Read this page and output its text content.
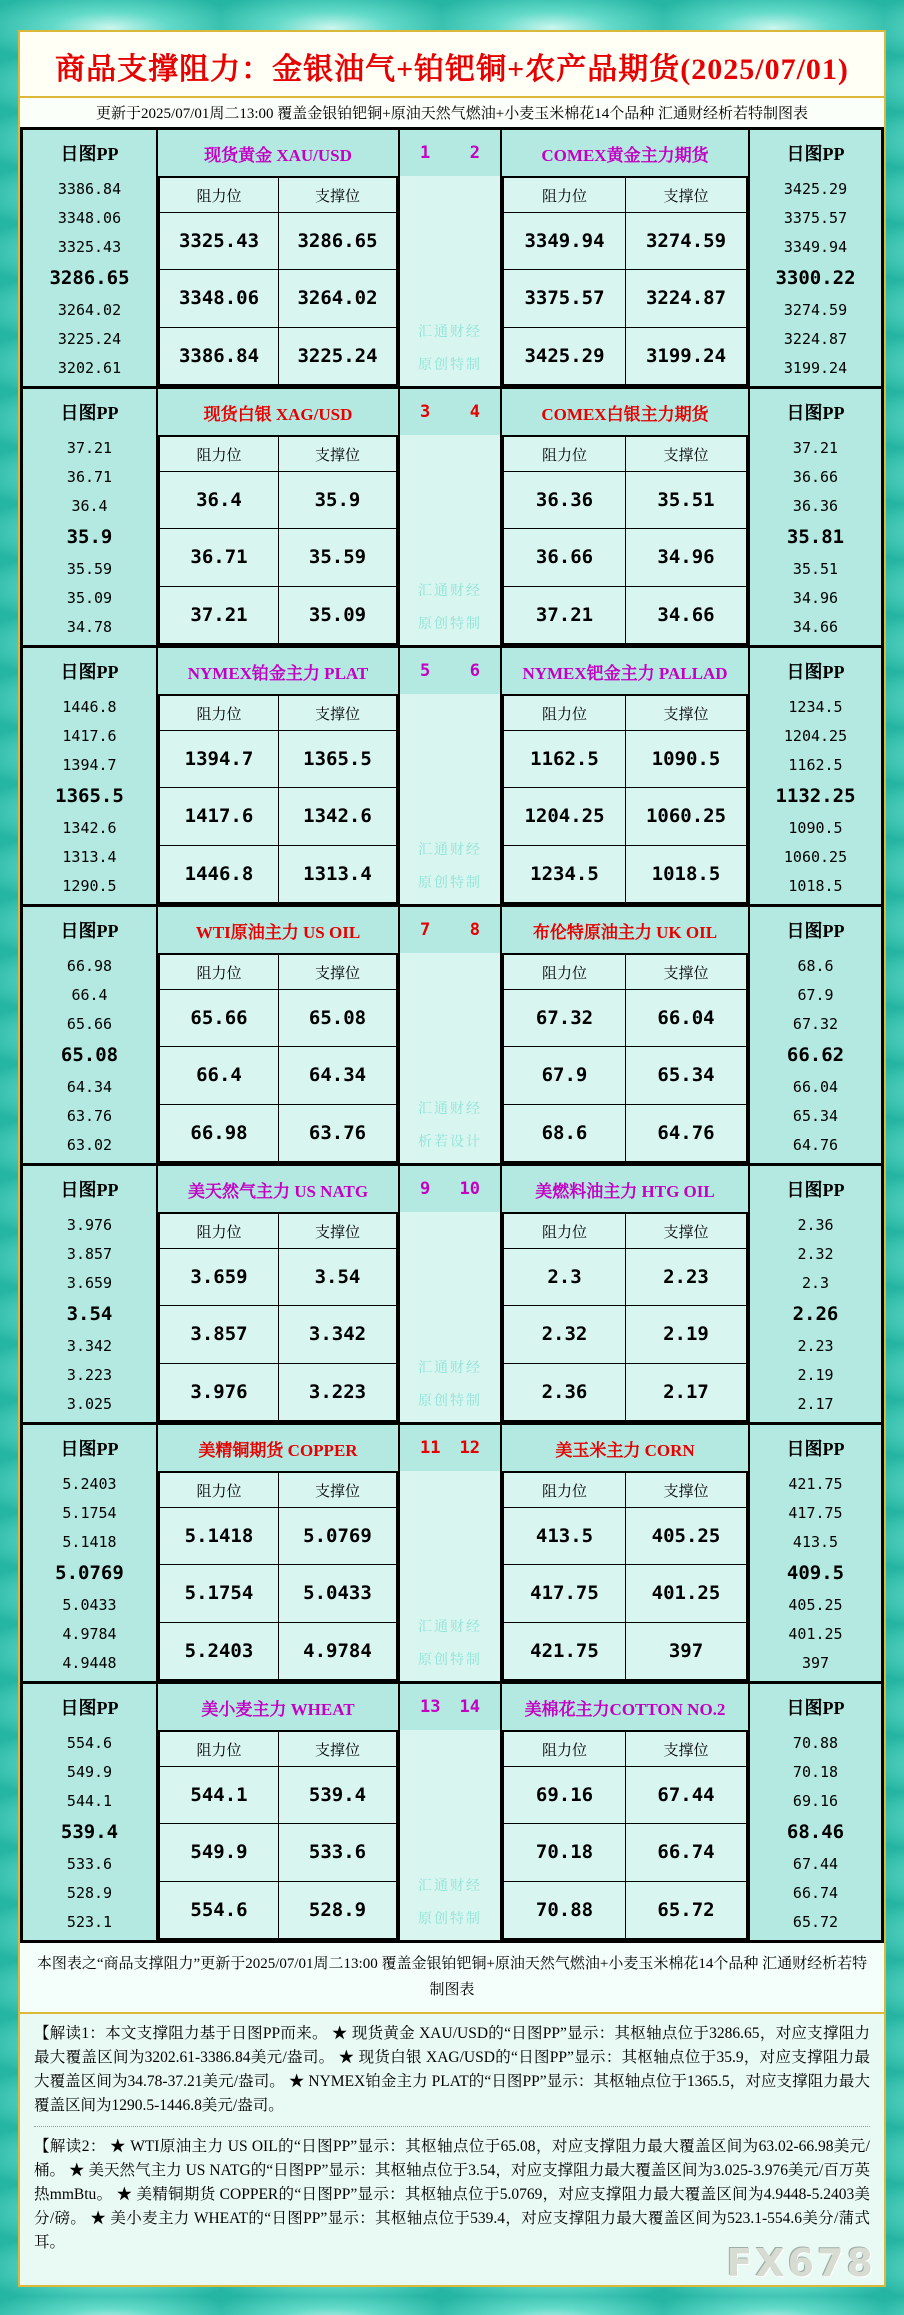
商品支撑阻力：金银油气+铂钯铜+农产品期货(2025/07/01)
更新于2025/07/01周二13:00 覆盖金银铂钯铜+原油天然气燃油+小麦玉米棉花14个品种 汇通财经析若特制图表
日图PP	现货黄金 XAU/USD	1 2	COMEX黄金主力期货	日图PP
3386.84
3348.06
3325.43
3286.65
3264.02
3225.24
3202.61
阻力位	支撑位
3325.43	3286.65
3348.06	3264.02
3386.84	3225.24
汇通财经
原创特制
阻力位	支撑位
3349.94	3274.59
3375.57	3224.87
3425.29	3199.24
3425.29
3375.57
3349.94
3300.22
3274.59
3224.87
3199.24
日图PP	现货白银 XAG/USD	3 4	COMEX白银主力期货	日图PP
37.21
36.71
36.4
35.9
35.59
35.09
34.78
阻力位	支撑位
36.4	35.9
36.71	35.59
37.21	35.09
汇通财经
原创特制
阻力位	支撑位
36.36	35.51
36.66	34.96
37.21	34.66
37.21
36.66
36.36
35.81
35.51
34.96
34.66
日图PP	NYMEX铂金主力 PLAT	5 6	NYMEX钯金主力 PALLAD	日图PP
1446.8
1417.6
1394.7
1365.5
1342.6
1313.4
1290.5
阻力位	支撑位
1394.7	1365.5
1417.6	1342.6
1446.8	1313.4
汇通财经
原创特制
阻力位	支撑位
1162.5	1090.5
1204.25	1060.25
1234.5	1018.5
1234.5
1204.25
1162.5
1132.25
1090.5
1060.25
1018.5
日图PP	WTI原油主力 US OIL	7 8	布伦特原油主力 UK OIL	日图PP
66.98
66.4
65.66
65.08
64.34
63.76
63.02
阻力位	支撑位
65.66	65.08
66.4	64.34
66.98	63.76
汇通财经
析若设计
阻力位	支撑位
67.32	66.04
67.9	65.34
68.6	64.76
68.6
67.9
67.32
66.62
66.04
65.34
64.76
日图PP	美天然气主力 US NATG	9 10	美燃料油主力 HTG OIL	日图PP
3.976
3.857
3.659
3.54
3.342
3.223
3.025
阻力位	支撑位
3.659	3.54
3.857	3.342
3.976	3.223
汇通财经
原创特制
阻力位	支撑位
2.3	2.23
2.32	2.19
2.36	2.17
2.36
2.32
2.3
2.26
2.23
2.19
2.17
日图PP	美精铜期货 COPPER	11 12	美玉米主力 CORN	日图PP
5.2403
5.1754
5.1418
5.0769
5.0433
4.9784
4.9448
阻力位	支撑位
5.1418	5.0769
5.1754	5.0433
5.2403	4.9784
汇通财经
原创特制
阻力位	支撑位
413.5	405.25
417.75	401.25
421.75	397
421.75
417.75
413.5
409.5
405.25
401.25
397
日图PP	美小麦主力 WHEAT	13 14	美棉花主力COTTON NO.2	日图PP
554.6
549.9
544.1
539.4
533.6
528.9
523.1
阻力位	支撑位
544.1	539.4
549.9	533.6
554.6	528.9
汇通财经
原创特制
阻力位	支撑位
69.16	67.44
70.18	66.74
70.88	65.72
70.88
70.18
69.16
68.46
67.44
66.74
65.72
本图表之“商品支撑阻力”更新于2025/07/01周二13:00 覆盖金银铂钯铜+原油天然气燃油+小麦玉米棉花14个品种 汇通财经析若特制图表

【解读1：本文支撑阻力基于日图PP而来。 ★ 现货黄金 XAU/USD的“日图PP”显示：其枢轴点位于3286.65，对应支撑阻力最大覆盖区间为3202.61-3386.84美元/盎司。 ★ 现货白银 XAG/USD的“日图PP”显示：其枢轴点位于35.9，对应支撑阻力最大覆盖区间为34.78-37.21美元/盎司。 ★ NYMEX铂金主力 PLAT的“日图PP”显示：其枢轴点位于1365.5，对应支撑阻力最大覆盖区间为1290.5-1446.8美元/盎司。

【解读2： ★ WTI原油主力 US OIL的“日图PP”显示：其枢轴点位于65.08，对应支撑阻力最大覆盖区间为63.02-66.98美元/桶。 ★ 美天然气主力 US NATG的“日图PP”显示：其枢轴点位于3.54，对应支撑阻力最大覆盖区间为3.025-3.976美元/百万英热mmBtu。 ★ 美精铜期货 COPPER的“日图PP”显示：其枢轴点位于5.0769，对应支撑阻力最大覆盖区间为4.9448-5.2403美分/磅。 ★ 美小麦主力 WHEAT的“日图PP”显示：其枢轴点位于539.4，对应支撑阻力最大覆盖区间为523.1-554.6美分/蒲式耳。	FX678
